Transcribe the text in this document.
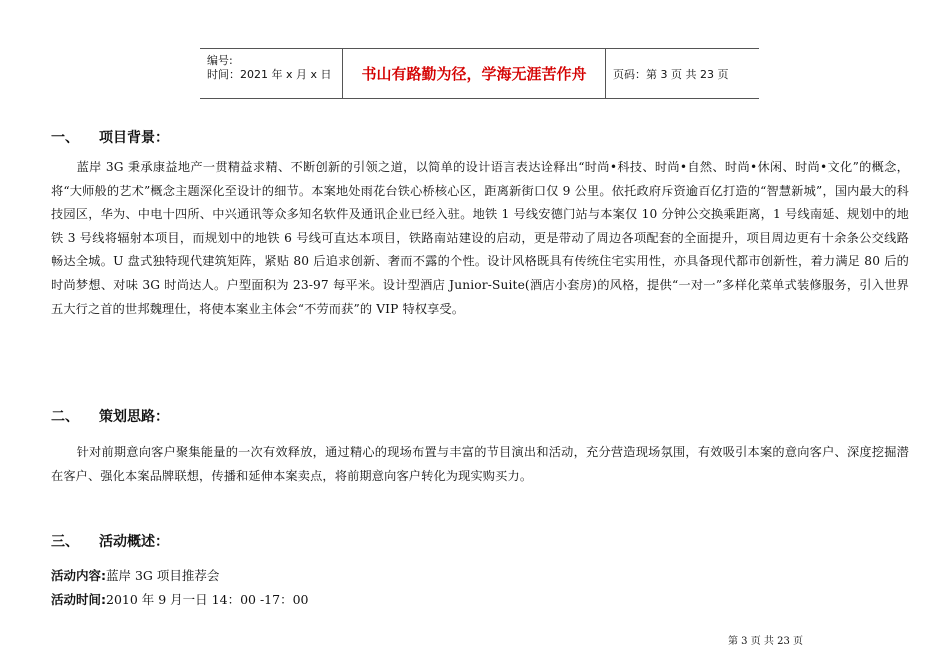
编号:
时间：2021 年 x 月 x 日	书山有路勤为径，学海无涯苦作舟	页码：第 3 页 共 23 页
一、 项目背景：
蓝岸 3G 秉承康益地产一贯精益求精、不断创新的引领之道，以简单的设计语言表达诠释出“时尚•科技、时尚•自然、时尚•休闲、时尚•文化”的概念，将“大师般的艺术”概念主题深化至设计的细节。本案地处雨花台铁心桥核心区，距离新街口仅 9 公里。依托政府斥资逾百亿打造的“智慧新城”，国内最大的科技园区，华为、中电十四所、中兴通讯等众多知名软件及通讯企业已经入驻。地铁 1 号线安德门站与本案仅 10 分钟公交换乘距离，1 号线南延、规划中的地铁 3 号线将辐射本项目，而规划中的地铁 6 号线可直达本项目，铁路南站建设的启动，更是带动了周边各项配套的全面提升，项目周边更有十余条公交线路畅达全城。U 盘式独特现代建筑矩阵，紧贴 80 后追求创新、奢而不露的个性。设计风格既具有传统住宅实用性，亦具备现代都市创新性，着力满足 80 后的时尚梦想、对味 3G 时尚达人。户型面积为 23-97 每平米。设计型酒店 Junior-Suite(酒店小套房)的风格，提供“一对一”多样化菜单式装修服务，引入世界五大行之首的世邦魏理仕，将使本案业主体会“不劳而获”的 VIP 特权享受。
二、 策划思路：
针对前期意向客户聚集能量的一次有效释放，通过精心的现场布置与丰富的节目演出和活动，充分营造现场氛围，有效吸引本案的意向客户、深度挖掘潜在客户、强化本案品牌联想，传播和延伸本案卖点，将前期意向客户转化为现实购买力。
三、 活动概述：
活动内容:蓝岸 3G 项目推荐会
活动时间:2010 年 9 月一日 14：00 -17：00
第 3 页 共 23 页
